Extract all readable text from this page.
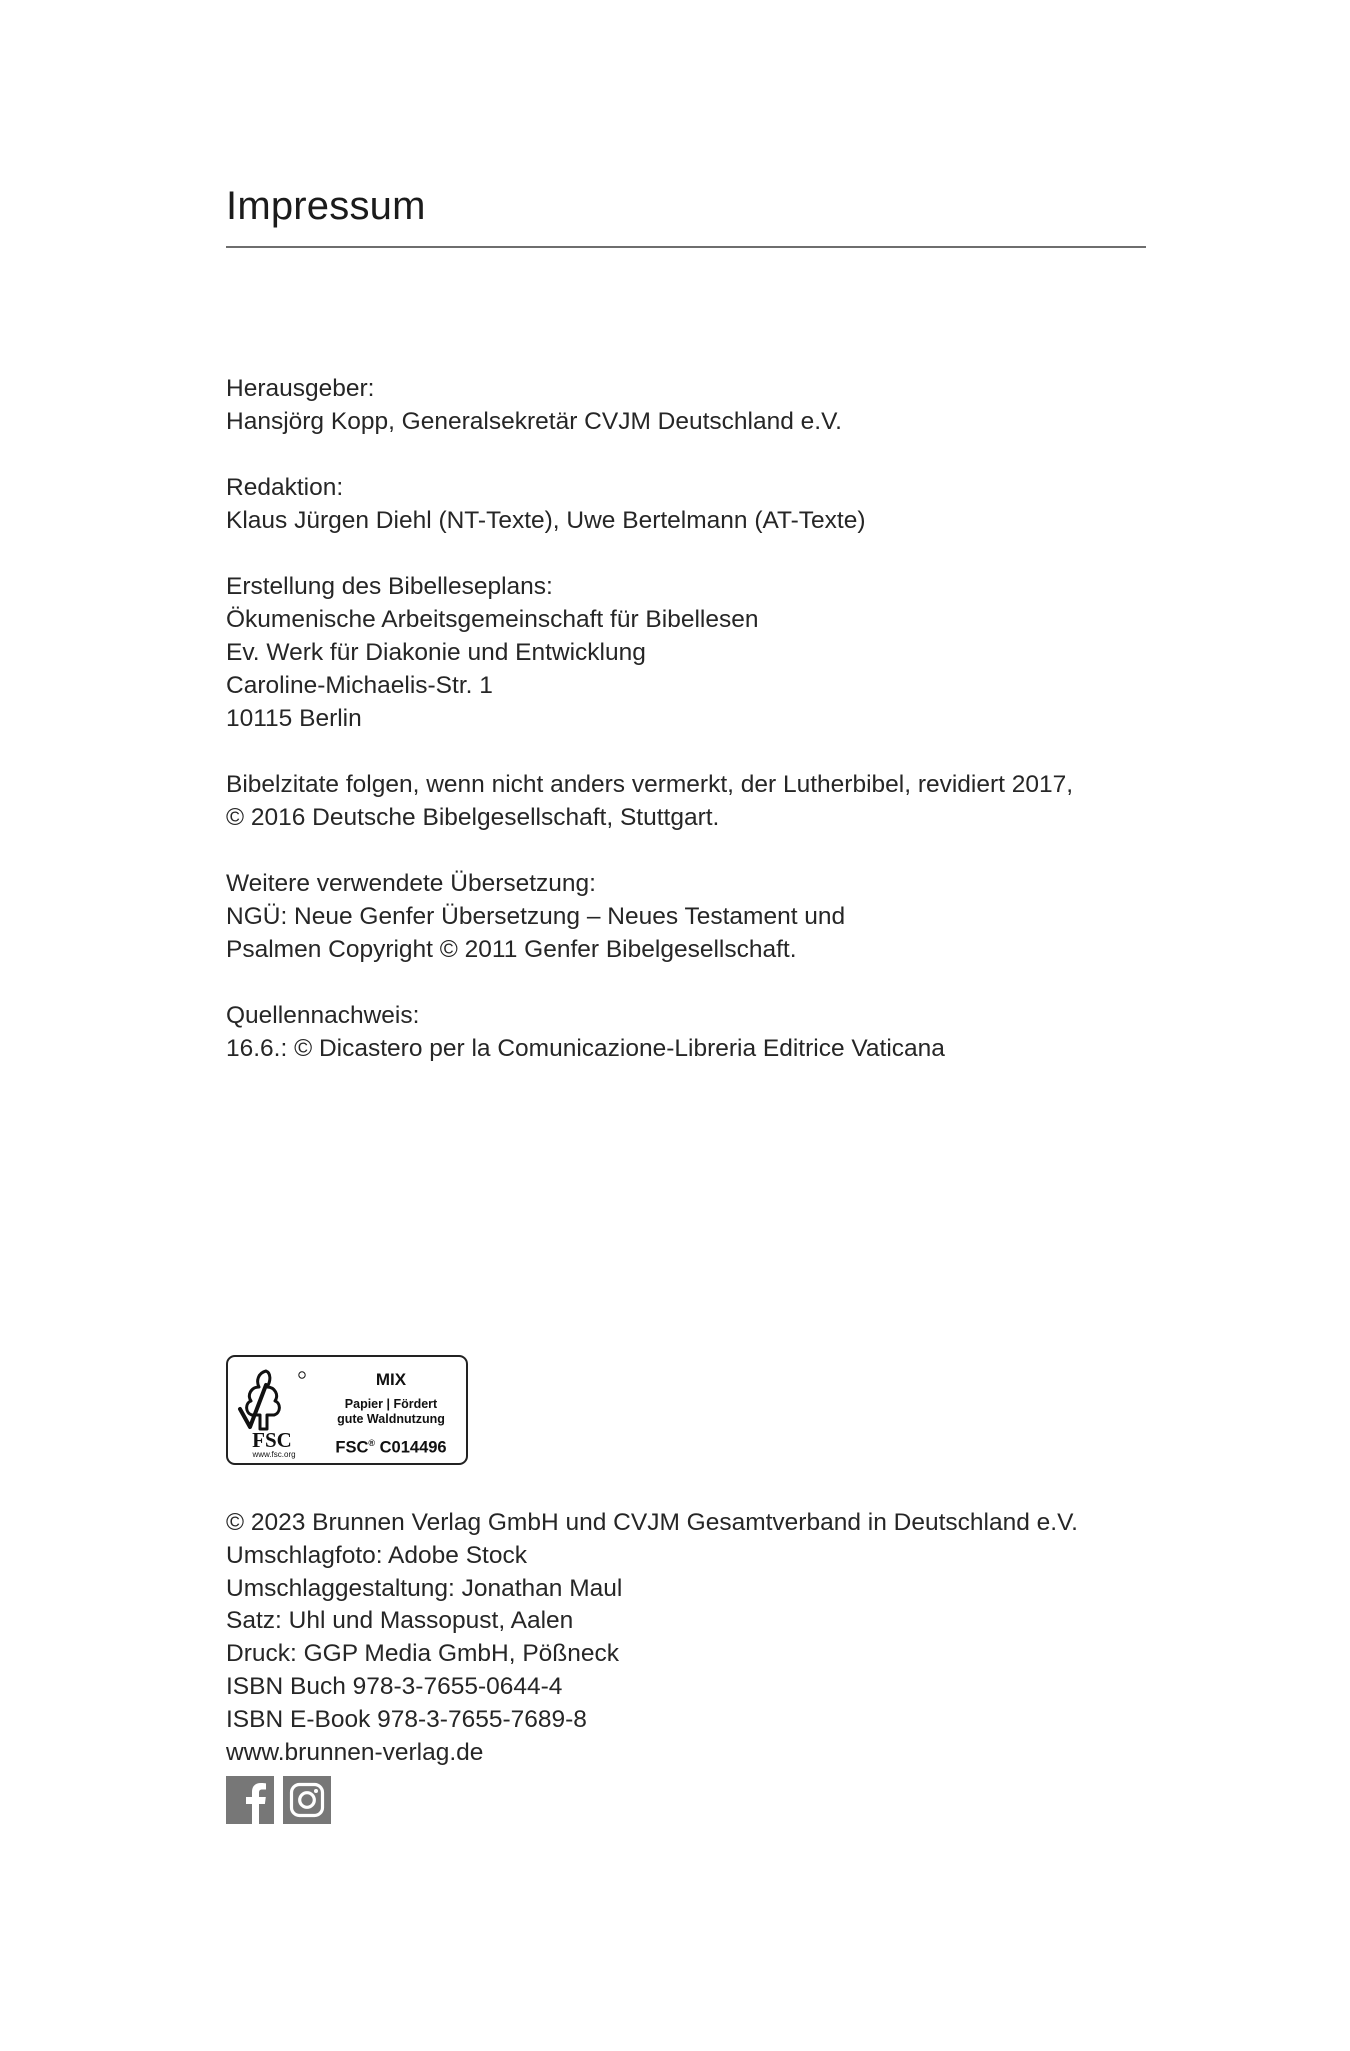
Impressum
Herausgeber:
Hansjörg Kopp, Generalsekretär CVJM Deutschland e.V.
Redaktion:
Klaus Jürgen Diehl (NT-Texte), Uwe Bertelmann (AT-Texte)
Erstellung des Bibelleseplans:
Ökumenische Arbeitsgemeinschaft für Bibellesen
Ev. Werk für Diakonie und Entwicklung
Caroline-Michaelis-Str. 1
10115 Berlin
Bibelzitate folgen, wenn nicht anders vermerkt, der Lutherbibel, revidiert 2017,
© 2016 Deutsche Bibelgesellschaft, Stuttgart.
Weitere verwendete Übersetzung:
NGÜ: Neue Genfer Übersetzung – Neues Testament und
Psalmen Copyright © 2011 Genfer Bibelgesellschaft.
Quellennachweis:
16.6.: © Dicastero per la Comunicazione-Libreria Editrice Vaticana
FSC
www.fsc.org
MIX
Papier | Fördert
gute Waldnutzung
FSC® C014496
© 2023 Brunnen Verlag GmbH und CVJM Gesamtverband in Deutschland e.V.
Umschlagfoto: Adobe Stock
Umschlaggestaltung: Jonathan Maul
Satz: Uhl und Massopust, Aalen
Druck: GGP Media GmbH, Pößneck
ISBN Buch 978-3-7655-0644-4
ISBN E-Book 978-3-7655-7689-8
www.brunnen-verlag.de
